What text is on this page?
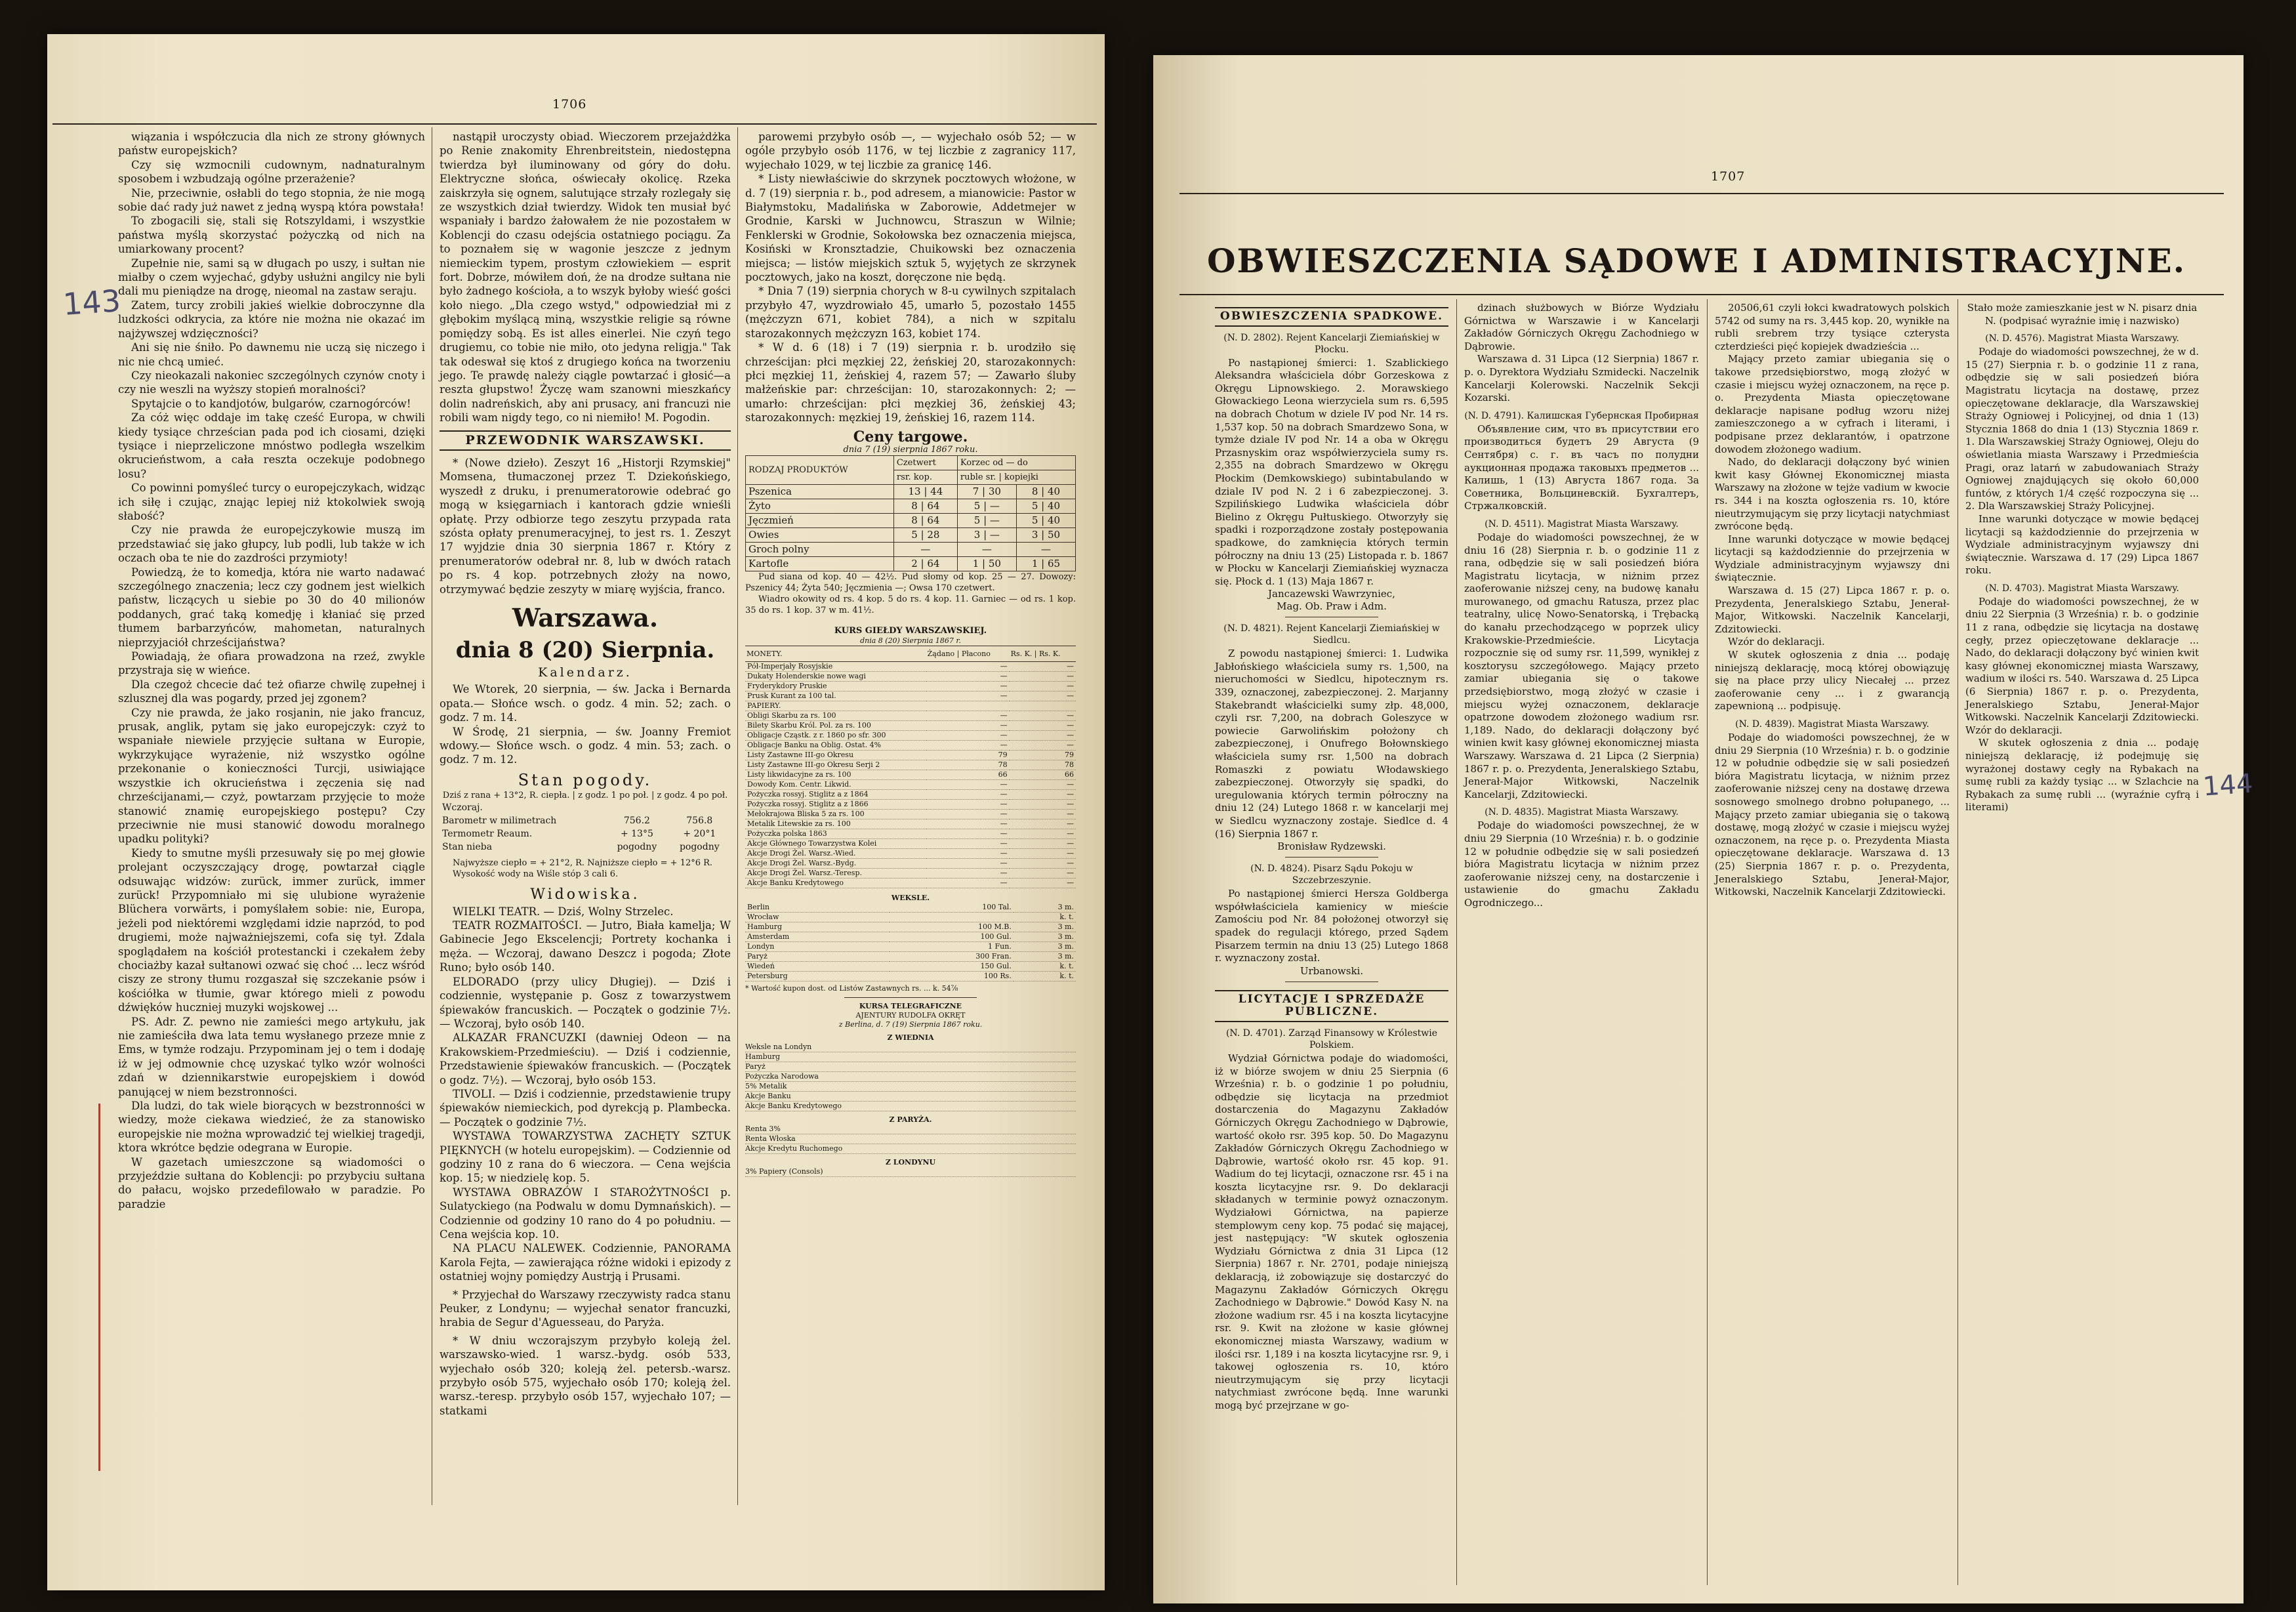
1706
143

wiązania i współczucia dla nich ze strony głównych państw europejskich?

Czy się wzmocnili cudownym, nadnaturalnym sposobem i wzbudzają ogólne przerażenie?

Nie, przeciwnie, osłabli do tego stopnia, że nie mogą sobie dać rady już nawet z jedną wyspą która powstała!

To zbogacili się, stali się Rotszyldami, i wszystkie państwa myślą skorzystać pożyczką od nich na umiarkowany procent?

Zupełnie nie, sami są w długach po uszy, i sułtan nie miałby o czem wyjechać, gdyby usłużni angilcy nie byli dali mu pieniądze na drogę, nieomal na zastaw seraju.

Zatem, turcy zrobili jakieś wielkie dobroczynne dla ludzkości odkrycia, za które nie można nie okazać im najżywszej wdzięczności?

Ani się nie śniło. Po dawnemu nie uczą się niczego i nic nie chcą umieć.

Czy nieokazali nakoniec szczególnych czynów cnoty i czy nie weszli na wyższy stopień moralności?

Spytajcie o to kandjotów, bulgarów, czarnogórców!

Za cóż więc oddaje im takę cześć Europa, w chwili kiedy tysiące chrześcian pada pod ich ciosami, dzięki tysiące i nieprzeliczone mnóstwo podległa wszelkim okrucieństwom, a cała reszta oczekuje podobnego losu?

Co powinni pomyśleć turcy o europejczykach, widząc ich siłę i czując, znając lepiej niż ktokolwiek swoją słabość?

Czy nie prawda że europejczykowie muszą im przedstawiać się jako głupcy, lub podli, lub także w ich oczach oba te nie do zazdrości przymioty!

Powiedzą, że to komedja, która nie warto nadawać szczególnego znaczenia; lecz czy godnem jest wielkich państw, liczących u siebie po 30 do 40 milionów poddanych, grać taką komedję i kłaniać się przed tłumem barbarzyńców, mahometan, naturalnych nieprzyjaciół chrześcijaństwa?

Powiadają, że ofiara prowadzona na rzeź, zwykle przystraja się w wieńce.

Dla czegoż chcecie dać też ofiarze chwilę zupełnej i szlusznej dla was pogardy, przed jej zgonem?

Czy nie prawda, że jako rosjanin, nie jako francuz, prusak, anglik, pytam się jako europejczyk: czyż to wspaniałe niewiele przyjęcie sułtana w Europie, wykrzykujące wyrażenie, niż wszystko ogólne przekonanie o konieczności Turcji, usiwiające wszystkie ich okrucieństwa i zęczenia się nad chrześcijanami,— czyż, powtarzam przyjęcie to może stanowić znamię europejskiego postępu? Czy przeciwnie nie musi stanowić dowodu moralnego upadku polityki?

Kiedy to smutne myśli przesuwały się po mej głowie prolejant oczyszczający drogę, powtarzał ciągle odsuwając widzów: zurück, immer zurück, immer zurück! Przypomniało mi się ulubione wyrażenie Blüchera vorwärts, i pomyślałem sobie: nie, Europa, jeżeli pod niektóremi względami idzie naprzód, to pod drugiemi, może najważniejszemi, cofa się tył. Zdala spoglądałem na kościół protestancki i czekałem żeby chociażby kazał sułtanowi ozwać się choć ... lecz wśród ciszy ze strony tłumu rozgaszał się szczekanie psów i kościółka w tłumie, gwar którego mieli z powodu dźwięków huczniej muzyki wojskowej ...

PS. Adr. Z. pewno nie zamieści mego artykułu, jak nie zamieściła dwa lata temu wysłanego przeze mnie z Ems, w tymże rodzaju. Przypominam jej o tem i dodaję iż w jej odmownie chcę uzyskać tylko wzór wolności zdań w dziennikarstwie europejskiem i dowód panującej w niem bezstronności.

Dla ludzi, do tak wiele biorących w bezstronności w wiedzy, może ciekawa wiedzieć, że za stanowisko europejskie nie można wprowadzić tej wielkiej tragedji, ktora wkrótce będzie odegrana w Europie.

W gazetach umieszczone są wiadomości o przyjeździe sułtana do Koblencji: po przybyciu sułtana do pałacu, wojsko przedefilowało w paradzie. Po paradzie

nastąpił uroczysty obiad. Wieczorem przejażdżka po Renie znakomity Ehrenbreitstein, niedostępna twierdza był iluminowany od góry do dołu. Elektryczne słońca, oświecały okolicę. Rzeka zaiskrzyła się ognem, salutujące strzały rozlegały się ze wszystkich dział twierdzy. Widok ten musiał być wspaniały i bardzo żałowałem że nie pozostałem w Koblencji do czasu odejścia ostatniego pociągu. Za to poznałem się w wagonie jeszcze z jednym niemieckim typem, prostym człowiekiem — esprit fort. Dobrze, mówiłem doń, że na drodze sułtana nie było żadnego kościoła, a to wszyk byłoby wieść gości koło niego. „Dla czego wstyd," odpowiedział mi z głębokim myślącą miną, wszystkie religie są równe pomiędzy sobą. Es ist alles einerlei. Nie czyń tego drugiemu, co tobie nie miło, oto jedyna religja." Tak tak odeswał się ktoś z drugiego końca na tworzeniu jego. Te prawdę należy ciągle powtarzać i głosić—a reszta głupstwo! Życzę wam szanowni mieszkańcy dolin nadreńskich, aby ani prusacy, ani francuzi nie robili wam nigdy tego, co ni niemiło! M. Pogodin.

PRZEWODNIK WARSZAWSKI.

* (Nowe dzieło). Zeszyt 16 „Historji Rzymskiej" Momsena, tłumaczonej przez T. Dziekońskiego, wyszedł z druku, i prenumeratorowie odebrać go mogą w księgarniach i kantorach gdzie wnieśli opłatę. Przy odbiorze tego zeszytu przypada rata szósta opłaty prenumeracyjnej, to jest rs. 1. Zeszyt 17 wyjdzie dnia 30 sierpnia 1867 r. Który z prenumeratorów odebrał nr. 8, lub w dwóch ratach po rs. 4 kop. potrzebnych złoży na nowo, otrzymywać będzie zeszyty w miarę wyjścia, franco.

Warszawa.
dnia 8 (20) Sierpnia.
Kalendarz.

We Wtorek, 20 sierpnia, — św. Jacka i Bernarda opata.— Słońce wsch. o godz. 4 min. 52; zach. o godz. 7 m. 14.

W Środę, 21 sierpnia, — św. Joanny Fremiot wdowy.— Słońce wsch. o godz. 4 min. 53; zach. o godz. 7 m. 12.

Stan pogody.
Dziś z rana + 13°2, R. ciepła. | z godz. 1 po poł. | z godz. 4 po poł.
Wczoraj.		
Barometr w milimetrach	756.2	756.8
Termometr Reaum.	+ 13°5	+ 20°1
Stan nieba	pogodny	pogodny

Najwyższe ciepło = + 21°2, R. Najniższe ciepło = + 12°6 R.

Wysokość wody na Wiśle stóp 3 cali 6.

Widowiska.

WIELKI TEATR. — Dziś, Wolny Strzelec.

TEATR ROZMAITOŚCI. — Jutro, Biała kamelja; W Gabinecie Jego Ekscelencji; Portrety kochanka i męża. — Wczoraj, dawano Deszcz i pogoda; Złote Runo; było osób 140.

ELDORADO (przy ulicy Długiej). — Dziś i codziennie, występanie p. Gosz z towarzystwem śpiewaków francuskich. — Początek o godzinie 7½. — Wczoraj, było osób 140.

ALKAZAR FRANCUZKI (dawniej Odeon — na Krakowskiem-Przedmieściu). — Dziś i codziennie, Przedstawienie śpiewaków francuskich. — (Początek o godz. 7½). — Wczoraj, było osób 153.

TIVOLI. — Dziś i codziennie, przedstawienie trupy śpiewaków niemieckich, pod dyrekcją p. Plambecka. — Początek o godzinie 7½.

WYSTAWA TOWARZYSTWA ZACHĘTY SZTUK PIĘKNYCH (w hotelu europejskim). — Codziennie od godziny 10 z rana do 6 wieczora. — Cena wejścia kop. 15; w niedzielę kop. 5.

WYSTAWA OBRAZÓW I STAROŻYTNOŚCI p. Sulatyckiego (na Podwalu w domu Dymnańskich). — Codziennie od godziny 10 rano do 4 po południu. — Cena wejścia kop. 10.

NA PLACU NALEWEK. Codziennie, PANORAMA Karola Fejta, — zawierająca różne widoki i epizody z ostatniej wojny pomiędzy Austrją i Prusami.

* Przyjechał do Warszawy rzeczywisty radca stanu Peuker, z Londynu; — wyjechał senator francuzki, hrabia de Segur d'Aguesseau, do Paryża.

* W dniu wczorajszym przybyło koleją żel. warszawsko-wied. 1 warsz.-bydg. osób 533, wyjechało osób 320; koleją żel. petersb.-warsz. przybyło osób 575, wyjechało osób 170; koleją żel. warsz.-teresp. przybyło osób 157, wyjechało 107; — statkami

parowemi przybyło osób —, — wyjechało osób 52; — w ogóle przybyło osób 1176, w tej liczbie z zagranicy 117, wyjechało 1029, w tej liczbie za granicę 146.

* Listy niewłaściwie do skrzynek pocztowych włożone, w d. 7 (19) sierpnia r. b., pod adresem, a mianowicie: Pastor w Białymstoku, Madalińska w Zaborowie, Addetmejer w Grodnie, Karski w Juchnowcu, Straszun w Wilnie; Fenklerski w Grodnie, Sokołowska bez oznaczenia miejsca, Kosiński w Kronsztadzie, Chuikowski bez oznaczenia miejsca; — listów miejskich sztuk 5, wyjętych ze skrzynek pocztowych, jako na koszt, doręczone nie będą.

* Dnia 7 (19) sierpnia chorych w 8-u cywilnych szpitalach przybyło 47, wyzdrowiało 45, umarło 5, pozostało 1455 (mężczyzn 671, kobiet 784), a nich w szpitalu starozakonnych mężczyzn 163, kobiet 174.

* W d. 6 (18) i 7 (19) sierpnia r. b. urodziło się chrześcijan: płci męzkiej 22, żeńskiej 20, starozakonnych: płci męzkiej 11, żeńskiej 4, razem 57; — Zawarło śluby małżeńskie par: chrześcijan: 10, starozakonnych: 2; — umarło: chrześcijan: płci męzkiej 36, żeńskiej 43; starozakonnych: męzkiej 19, żeńskiej 16, razem 114.

Ceny targowe.
dnia 7 (19) sierpnia 1867 roku.
RODZAJ PRODUKTÓW	Czetwert	Korzec od — do	
	rsr. kop.	ruble sr. | kopiejki	
Pszenica	13 | 44	7 | 30	8 | 40
Żyto	8 | 64	5 | —	5 | 40
Jęczmień	8 | 64	5 | —	5 | 40
Owies	5 | 28	3 | —	3 | 50
Groch polny	—	—	—
Kartofle	2 | 64	1 | 50	1 | 65

Pud siana od kop. 40 — 42½. Pud słomy od kop. 25 — 27. Dowozy: Pszenicy 44; Żyta 540; Jęczmienia —; Owsa 170 czetwert.

Wiadro okowity od rs. 4 kop. 5 do rs. 4 kop. 11. Garniec — od rs. 1 kop. 35 do rs. 1 kop. 37 w m. 41½.

KURS GIEŁDY WARSZAWSKIEJ.
dnia 8 (20) Sierpnia 1867 r.
MONETY.	Żądano | Płacono	Rs. K. | Rs. K.
Pół-Imperjały Rosyjskie	—	—
Dukaty Holenderskie nowe wagi	—	—
Fryderykdory Pruskie	—	—
Prusk Kurant za 100 tal.	—	—
PAPIERY.		
Obligi Skarbu za rs. 100	—	—
Bilety Skarbu Król. Pol. za rs. 100	—	—
Obligacje Cząstk. z r. 1860 po sfr. 300	—	—
Obligacje Banku na Oblig. Ostat. 4%	—	—
Listy Zastawne III-go Okresu	79	79
Listy Zastawne III-go Okresu Serji 2	78	78
Listy likwidacyjne za rs. 100	66	66
Dowody Kom. Centr. Likwid.	—	—
Pożyczka rossyj. Stiglitz a z 1864	—	—
Pożyczka rossyj. Stiglitz a z 1866	—	—
Mełokrajowa Bliska 5 za rs. 100	—	—
Metalik Litewskie za rs. 100	—	—
Pożyczka polska 1863	—	—
Akcje Głównego Towarzystwa Kolei	—	—
Akcje Drogi Żel. Warsz.-Wied.	—	—
Akcje Drogi Żel. Warsz.-Bydg.	—	—
Akcje Drogi Żel. Warsz.-Teresp.	—	—
Akcje Banku Kredytowego	—	—
WEKSLE.
Berlin	100 Tal.	3 m.
Wrocław		k. t.
Hamburg	100 M.B.	3 m.
Amsterdam	100 Gul.	3 m.
Londyn	1 Fun.	3 m.
Paryż	300 Fran.	3 m.
Wiedeń	150 Gul.	k. t.
Petersburg	100 Rs.	k. t.
* Wartość kupon dost. od Listów Zastawnych rs. ... k. 54⅞
KURSA TELEGRAFICZNE
AJENTURY RUDOLFA OKRĘT
z Berlina, d. 7 (19) Sierpnia 1867 roku.
Z WIEDNIA
Weksle na Londyn
Hamburg
Paryż
Pożyczka Narodowa
5% Metalik
Akcje Banku
Akcje Banku Kredytowego
Z PARYŻA.
Renta 3%
Renta Włoska
Akcje Kredytu Ruchomego
Z LONDYNU
3% Papiery (Consols)
1707
OBWIESZCZENIA SĄDOWE I ADMINISTRACYJNE.
144
OBWIESZCZENIA SPADKOWE.
(N. D. 2802). Rejent Kancelarji Ziemiańskiej w Płocku.

Po nastąpionej śmierci: 1. Szablickiego Aleksandra właściciela dóbr Gorzeskowa z Okręgu Lipnowskiego. 2. Morawskiego Głowackiego Leona wierzyciela sum rs. 6,595 na dobrach Chotum w dziele IV pod Nr. 14 rs. 1,537 kop. 50 na dobrach Smardzewo Sona, w tymże dziale IV pod Nr. 14 a oba w Okręgu Przasnyskim oraz współwierzyciela sumy rs. 2,355 na dobrach Smardzewo w Okręgu Płockim (Demkowskiego) subintabulando w dziale IV pod N. 2 i 6 zabezpieczonej. 3. Szpilińskiego Ludwika właściciela dóbr Bielino z Okręgu Pułtuskiego. Otworzyły się spadki i rozporządzone zostały postępowania spadkowe, do zamknięcia których termin półroczny na dniu 13 (25) Listopada r. b. 1867 w Płocku w Kancelarji Ziemiańskiej wyznacza się. Płock d. 1 (13) Maja 1867 r.

Jancazewski Wawrzyniec,
Mag. Ob. Praw i Adm.
(N. D. 4821). Rejent Kancelarji Ziemiańskiej w Siedlcu.

Z powodu nastąpionej śmierci: 1. Ludwika Jabłońskiego właściciela sumy rs. 1,500, na nieruchomości w Siedlcu, hipotecznym rs. 339, oznaczonej, zabezpieczonej. 2. Marjanny Stakebrandt właścicielki sumy złp. 48,000, czyli rsr. 7,200, na dobrach Goleszyce w powiecie Garwolińskim położony ch zabezpieczonej, i Onufrego Bołownskiego właściciela sumy rsr. 1,500 na dobrach Romaszki z powiatu Włodawskiego zabezpieczonej. Otworzyły się spadki, do uregulowania których termin półroczny na dniu 12 (24) Lutego 1868 r. w kancelarji mej w Siedlcu wyznaczony zostaje. Siedlce d. 4 (16) Sierpnia 1867 r.

Bronisław Rydzewski.
(N. D. 4824). Pisarz Sądu Pokoju w Szczebrzeszynie.

Po nastąpionej śmierci Hersza Goldberga współwłaściciela kamienicy w mieście Zamościu pod Nr. 84 położonej otworzył się spadek do regulacji którego, przed Sądem Pisarzem termin na dniu 13 (25) Lutego 1868 r. wyznaczony został.

Urbanowski.
LICYTACJE I SPRZEDAŻE PUBLICZNE.
(N. D. 4701). Zarząd Finansowy w Królestwie Polskiem.

Wydział Górnictwa podaje do wiadomości, iż w biórze swojem w dniu 25 Sierpnia (6 Września) r. b. o godzinie 1 po południu, odbędzie się licytacja na przedmiot dostarczenia do Magazynu Zakładów Górniczych Okręgu Zachodniego w Dąbrowie, wartość około rsr. 395 kop. 50. Do Magazynu Zakładów Górniczych Okręgu Zachodniego w Dąbrowie, wartość około rsr. 45 kop. 91. Wadium do tej licytacji, oznaczone rsr. 45 i na koszta licytacyjne rsr. 9. Do deklaracji składanych w terminie powyż oznaczonym. Wydziałowi Górnictwa, na papierze stemplowym ceny kop. 75 podać się mającej, jest następujący: "W skutek ogłoszenia Wydziału Górnictwa z dnia 31 Lipca (12 Sierpnia) 1867 r. Nr. 2701, podaje niniejszą deklaracją, iż zobowiązuje się dostarczyć do Magazynu Zakładów Górniczych Okręgu Zachodniego w Dąbrowie." Dowód Kasy N. na złożone wadium rsr. 45 i na koszta licytacyjne rsr. 9. Kwit na złożone w kasie głównej ekonomicznej miasta Warszawy, wadium w ilości rsr. 1,189 i na koszta licytacyjne rsr. 9, i takowej ogłoszenia rs. 10, któro nieutrzymującym się przy licytacji natychmiast zwrócone będą. Inne warunki mogą być przejrzane w go-

dzinach służbowych w Biórze Wydziału Górnictwa w Warszawie i w Kancelarji Zakładów Górniczych Okręgu Zachodniego w Dąbrowie.

Warszawa d. 31 Lipca (12 Sierpnia) 1867 r. p. o. Dyrektora Wydziału Szmidecki. Naczelnik Kancelarji Kolerowski. Naczelnik Sekcji Kozarski.

(N. D. 4791). Калишская Губернская Пробирная

Объявление сим, что въ присутствии его производиться будетъ 29 Августа (9 Сентября) с. г. въ часъ по полудни аукционная продажа таковыхъ предметов ... Калишь, 1 (13) Августа 1867 года. За Советника, Вольциневскій. Бухгалтеръ, Стржалковскій.

(N. D. 4511). Magistrat Miasta Warszawy.

Podaje do wiadomości powszechnej, że w dniu 16 (28) Sierpnia r. b. o godzinie 11 z rana, odbędzie się w sali posiedzeń bióra Magistratu licytacja, w niżnim przez zaoferowanie niższej ceny, na budowę kanału murowanego, od gmachu Ratusza, przez plac teatralny, ulicę Nowo-Senatorską, i Trębacką do kanału przechodzącego w poprzek ulicy Krakowskie-Przedmieście. Licytacja rozpocznie się od sumy rsr. 11,599, wynikłej z kosztorysu szczegółowego. Mający przeto zamiar ubiegania się o takowe przedsiębiorstwo, mogą złożyć w czasie i miejscu wyżej oznaczonem, deklaracje opatrzone dowodem złożonego wadium rsr. 1,189. Nado, do deklaracji dołączony być winien kwit kasy głównej ekonomicznej miasta Warszawy. Warszawa d. 21 Lipca (2 Sierpnia) 1867 r. p. o. Prezydenta, Jeneralskiego Sztabu, Jenerał-Major Witkowski, Naczelnik Kancelarji, Zdzitowiecki.

(N. D. 4835). Magistrat Miasta Warszawy.

Podaje do wiadomości powszechnej, że w dniu 29 Sierpnia (10 Września) r. b. o godzinie 12 w południe odbędzie się w sali posiedzeń bióra Magistratu licytacja w niżnim przez zaoferowanie niższej ceny, na dostarczenie i ustawienie do gmachu Zakładu Ogrodniczego...

20506,61 czyli łokci kwadratowych polskich 5742 od sumy na rs. 3,445 kop. 20, wynikłe na rubli srebrem trzy tysiące czterysta czterdzieści pięć kopiejek dwadzieścia ...

Mający przeto zamiar ubiegania się o takowe przedsiębiorstwo, mogą złożyć w czasie i miejscu wyżej oznaczonem, na ręce p. o. Prezydenta Miasta opieczętowane deklaracje napisane podług wzoru niżej zamieszczonego a w cyfrach i literami, i podpisane przez deklarantów, i opatrzone dowodem złożonego wadium.

Nado, do deklaracji dołączony być winien kwit kasy Głównej Ekonomicznej miasta Warszawy na złożone w tejże vadium w kwocie rs. 344 i na koszta ogłoszenia rs. 10, które nieutrzymującym się przy licytacji natychmiast zwrócone będą.

Inne warunki dotyczące w mowie będącej licytacji są każdodziennie do przejrzenia w Wydziale administracyjnym wyjawszy dni świątecznie.

Warszawa d. 15 (27) Lipca 1867 r. p. o. Prezydenta, Jeneralskiego Sztabu, Jenerał-Major, Witkowski. Naczelnik Kancelarji, Zdzitowiecki.

Wzór do deklaracji.

W skutek ogłoszenia z dnia ... podaję niniejszą deklarację, mocą której obowiązuję się na płace przy ulicy Niecałej ... przez zaoferowanie ceny ... i z gwarancją zapewnioną ... podpisuję.

(N. D. 4839). Magistrat Miasta Warszawy.

Podaje do wiadomości powszechnej, że w dniu 29 Sierpnia (10 Września) r. b. o godzinie 12 w południe odbędzie się w sali posiedzeń bióra Magistratu licytacja, w niżnim przez zaoferowanie niższej ceny na dostawę drzewa sosnowego smolnego drobno połupanego, ... Mający przeto zamiar ubiegania się o takową dostawę, mogą złożyć w czasie i miejscu wyżej oznaczonem, na ręce p. o. Prezydenta Miasta opieczętowane deklaracje. Warszawa d. 13 (25) Sierpnia 1867 r. p. o. Prezydenta, Jeneralskiego Sztabu, Jenerał-Major, Witkowski, Naczelnik Kancelarji Zdzitowiecki.

Stało może zamieszkanie jest w N. pisarz dnia N. (podpisać wyraźnie imię i nazwisko)

(N. D. 4576). Magistrat Miasta Warszawy.

Podaje do wiadomości powszechnej, że w d. 15 (27) Sierpnia r. b. o godzinie 11 z rana, odbędzie się w sali posiedzeń bióra Magistratu licytacja na dostawę, przez opieczętowane deklaracje, dla Warszawskiej Straży Ogniowej i Policyjnej, od dnia 1 (13) Stycznia 1868 do dnia 1 (13) Stycznia 1869 r. 1. Dla Warszawskiej Straży Ogniowej, Oleju do oświetlania miasta Warszawy i Przedmieścia Pragi, oraz latarń w zabudowaniach Straży Ogniowej znajdujących się około 60,000 funtów, z których 1/4 część rozpoczyna się ... 2. Dla Warszawskiej Straży Policyjnej.

Inne warunki dotyczące w mowie będącej licytacji są każdodziennie do przejrzenia w Wydziale administracyjnym wyjawszy dni świątecznie. Warszawa d. 17 (29) Lipca 1867 roku.

(N. D. 4703). Magistrat Miasta Warszawy.

Podaje do wiadomości powszechnej, że w dniu 22 Sierpnia (3 Września) r. b. o godzinie 11 z rana, odbędzie się licytacja na dostawę cegły, przez opieczętowane deklaracje ... Nado, do deklaracji dołączony być winien kwit kasy głównej ekonomicznej miasta Warszawy, wadium w ilości rs. 540. Warszawa d. 25 Lipca (6 Sierpnia) 1867 r. p. o. Prezydenta, Jeneralskiego Sztabu, Jenerał-Major Witkowski. Naczelnik Kancelarji Zdzitowiecki. Wzór do deklaracji.

W skutek ogłoszenia z dnia ... podaję niniejszą deklarację, iż podejmuję się wyrażonej dostawy cegły na Rybakach na sumę rubli za każdy tysiąc ... w Szlachcie na Rybakach za sumę rubli ... (wyraźnie cyfrą i literami)
